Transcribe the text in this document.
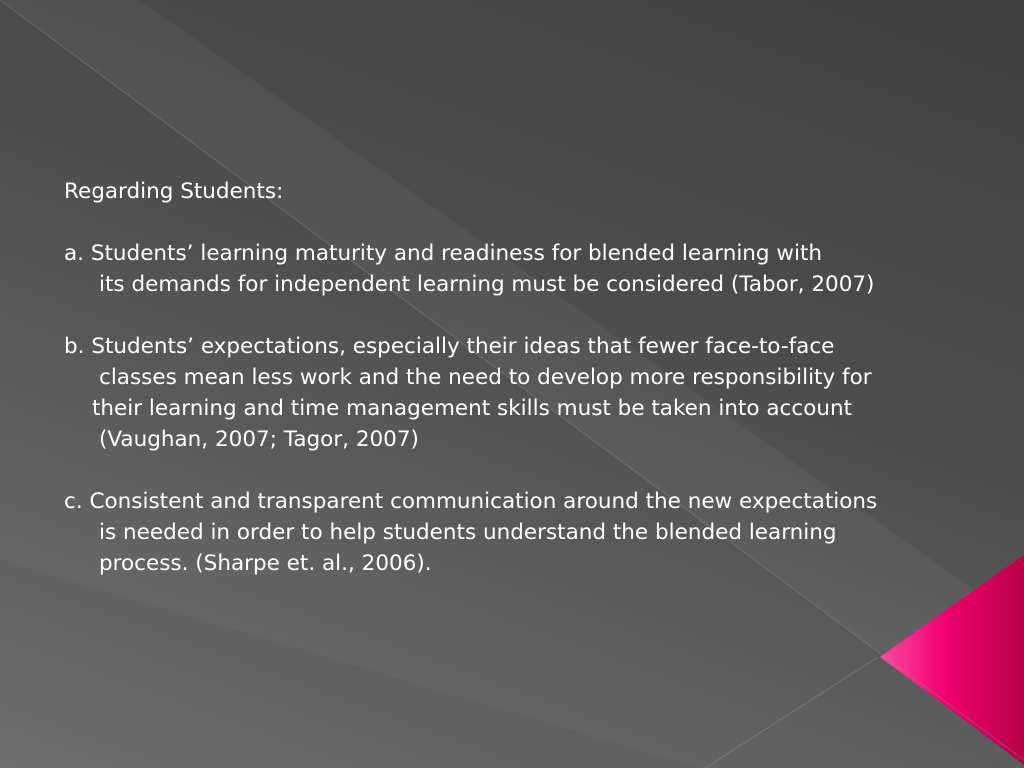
Regarding Students:

a. Students’ learning maturity and readiness for blended learning with

its demands for independent learning must be considered (Tabor, 2007)

b. Students’ expectations, especially their ideas that fewer face-to-face

classes mean less work and the need to develop more responsibility for

their learning and time management skills must be taken into account

(Vaughan, 2007; Tagor, 2007)

c. Consistent and transparent communication around the new expectations

is needed in order to help students understand the blended learning

process. (Sharpe et. al., 2006).
